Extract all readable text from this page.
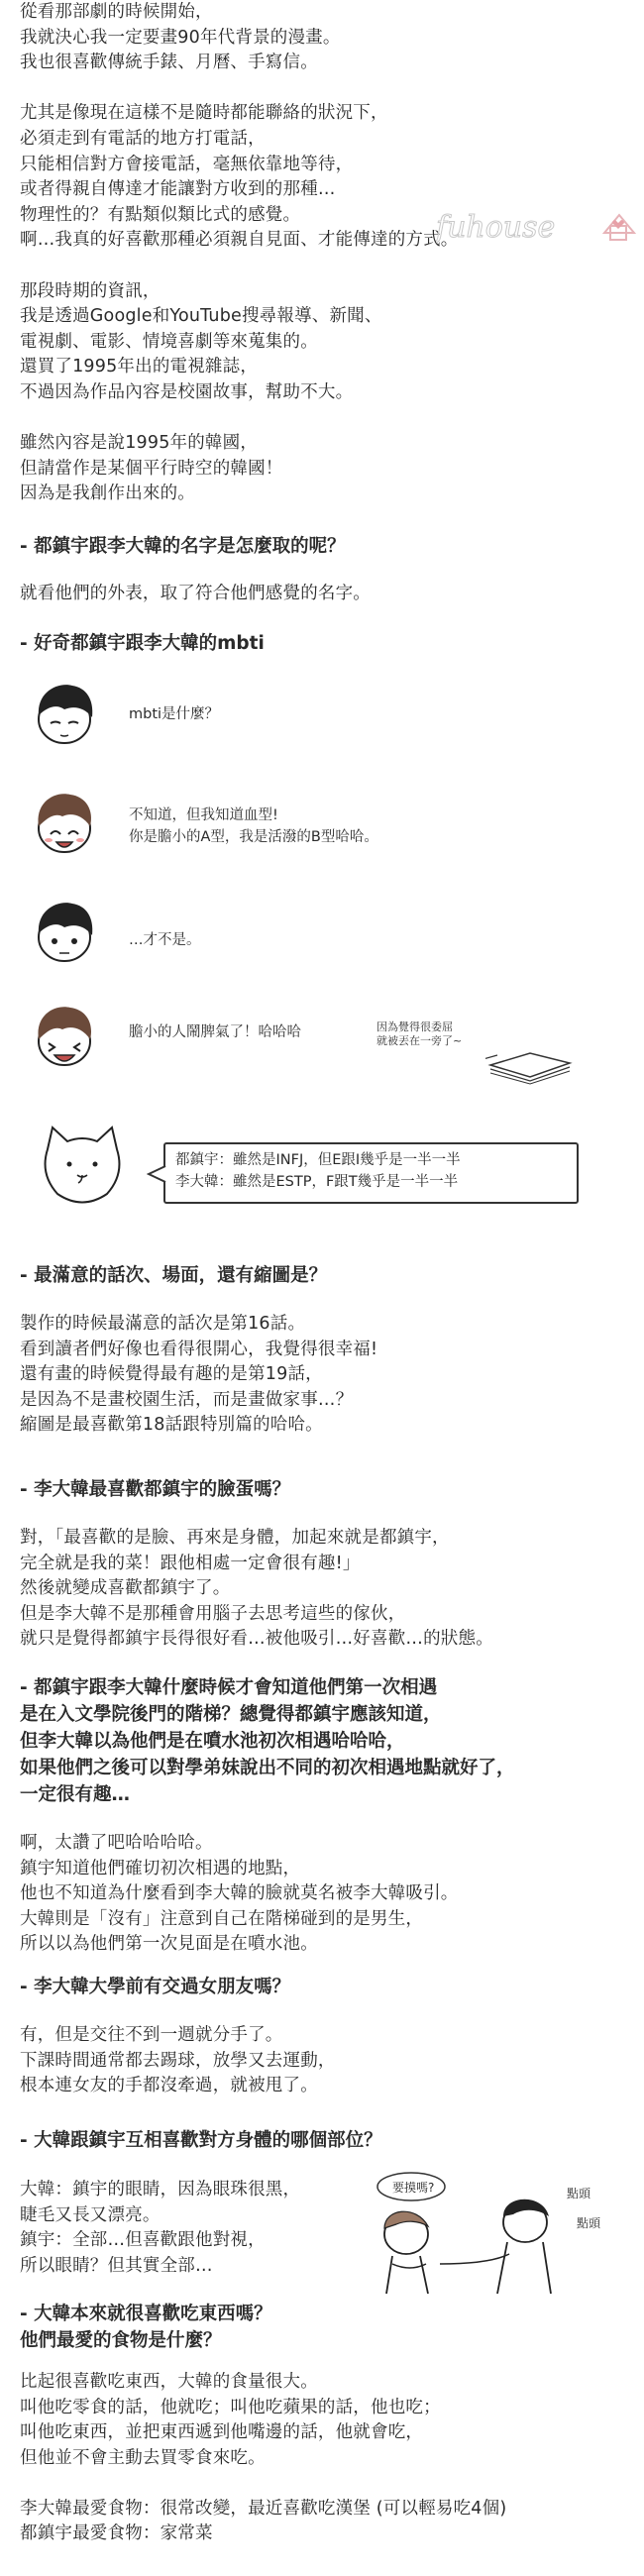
從看那部劇的時候開始，
我就決心我一定要畫90年代背景的漫畫。
我也很喜歡傳統手錶、月曆、手寫信。
尤其是像現在這樣不是隨時都能聯絡的狀況下，
必須走到有電話的地方打電話，
只能相信對方會接電話，毫無依靠地等待，
或者得親自傳達才能讓對方收到的那種…
物理性的？有點類似類比式的感覺。
啊…我真的好喜歡那種必須親自見面、才能傳達的方式。
那段時期的資訊，
我是透過Google和YouTube搜尋報導、新聞、
電視劇、電影、情境喜劇等來蒐集的。
還買了1995年出的電視雜誌，
不過因為作品內容是校園故事，幫助不大。
雖然內容是說1995年的韓國，
但請當作是某個平行時空的韓國！
因為是我創作出來的。
fuhouse
- 都鎮宇跟李大韓的名字是怎麼取的呢？
就看他們的外表，取了符合他們感覺的名字。
- 好奇都鎮宇跟李大韓的mbti
mbti是什麼？
不知道，但我知道血型!
你是膽小的A型，我是活潑的B型哈哈。
…才不是。
膽小的人鬧脾氣了！哈哈哈	因為覺得很委屈
就被丟在一旁了~
都鎮宇：雖然是INFJ，但E跟I幾乎是一半一半
李大韓：雖然是ESTP，F跟T幾乎是一半一半
- 最滿意的話次、場面，還有縮圖是？
製作的時候最滿意的話次是第16話。
看到讀者們好像也看得很開心，我覺得很幸福!
還有畫的時候覺得最有趣的是第19話，
是因為不是畫校園生活，而是畫做家事…？
縮圖是最喜歡第18話跟特別篇的哈哈。
- 李大韓最喜歡都鎮宇的臉蛋嗎？
對，「最喜歡的是臉、再來是身體，加起來就是都鎮宇，
完全就是我的菜！跟他相處一定會很有趣!」
然後就變成喜歡都鎮宇了。
但是李大韓不是那種會用腦子去思考這些的傢伙，
就只是覺得都鎮宇長得很好看…被他吸引…好喜歡…的狀態。
- 都鎮宇跟李大韓什麼時候才會知道他們第一次相遇
是在入文學院後門的階梯？總覺得都鎮宇應該知道，
但李大韓以為他們是在噴水池初次相遇哈哈哈，
如果他們之後可以對學弟妹說出不同的初次相遇地點就好了，
一定很有趣…
啊，太讚了吧哈哈哈哈。
鎮宇知道他們確切初次相遇的地點，
他也不知道為什麼看到李大韓的臉就莫名被李大韓吸引。
大韓則是「沒有」注意到自己在階梯碰到的是男生，
所以以為他們第一次見面是在噴水池。
- 李大韓大學前有交過女朋友嗎？
有，但是交往不到一週就分手了。
下課時間通常都去踢球，放學又去運動，
根本連女友的手都沒牽過，就被甩了。
- 大韓跟鎮宇互相喜歡對方身體的哪個部位？
大韓：鎮宇的眼睛，因為眼珠很黑，
睫毛又長又漂亮。
鎮宇：全部…但喜歡跟他對視，
所以眼睛？但其實全部…
要摸嗎?	點頭
點頭
- 大韓本來就很喜歡吃東西嗎？
他們最愛的食物是什麼？
比起很喜歡吃東西，大韓的食量很大。
叫他吃零食的話，他就吃；叫他吃蘋果的話，他也吃；
叫他吃東西，並把東西遞到他嘴邊的話，他就會吃，
但他並不會主動去買零食來吃。
李大韓最愛食物：很常改變，最近喜歡吃漢堡 (可以輕易吃4個)
都鎮宇最愛食物：家常菜
